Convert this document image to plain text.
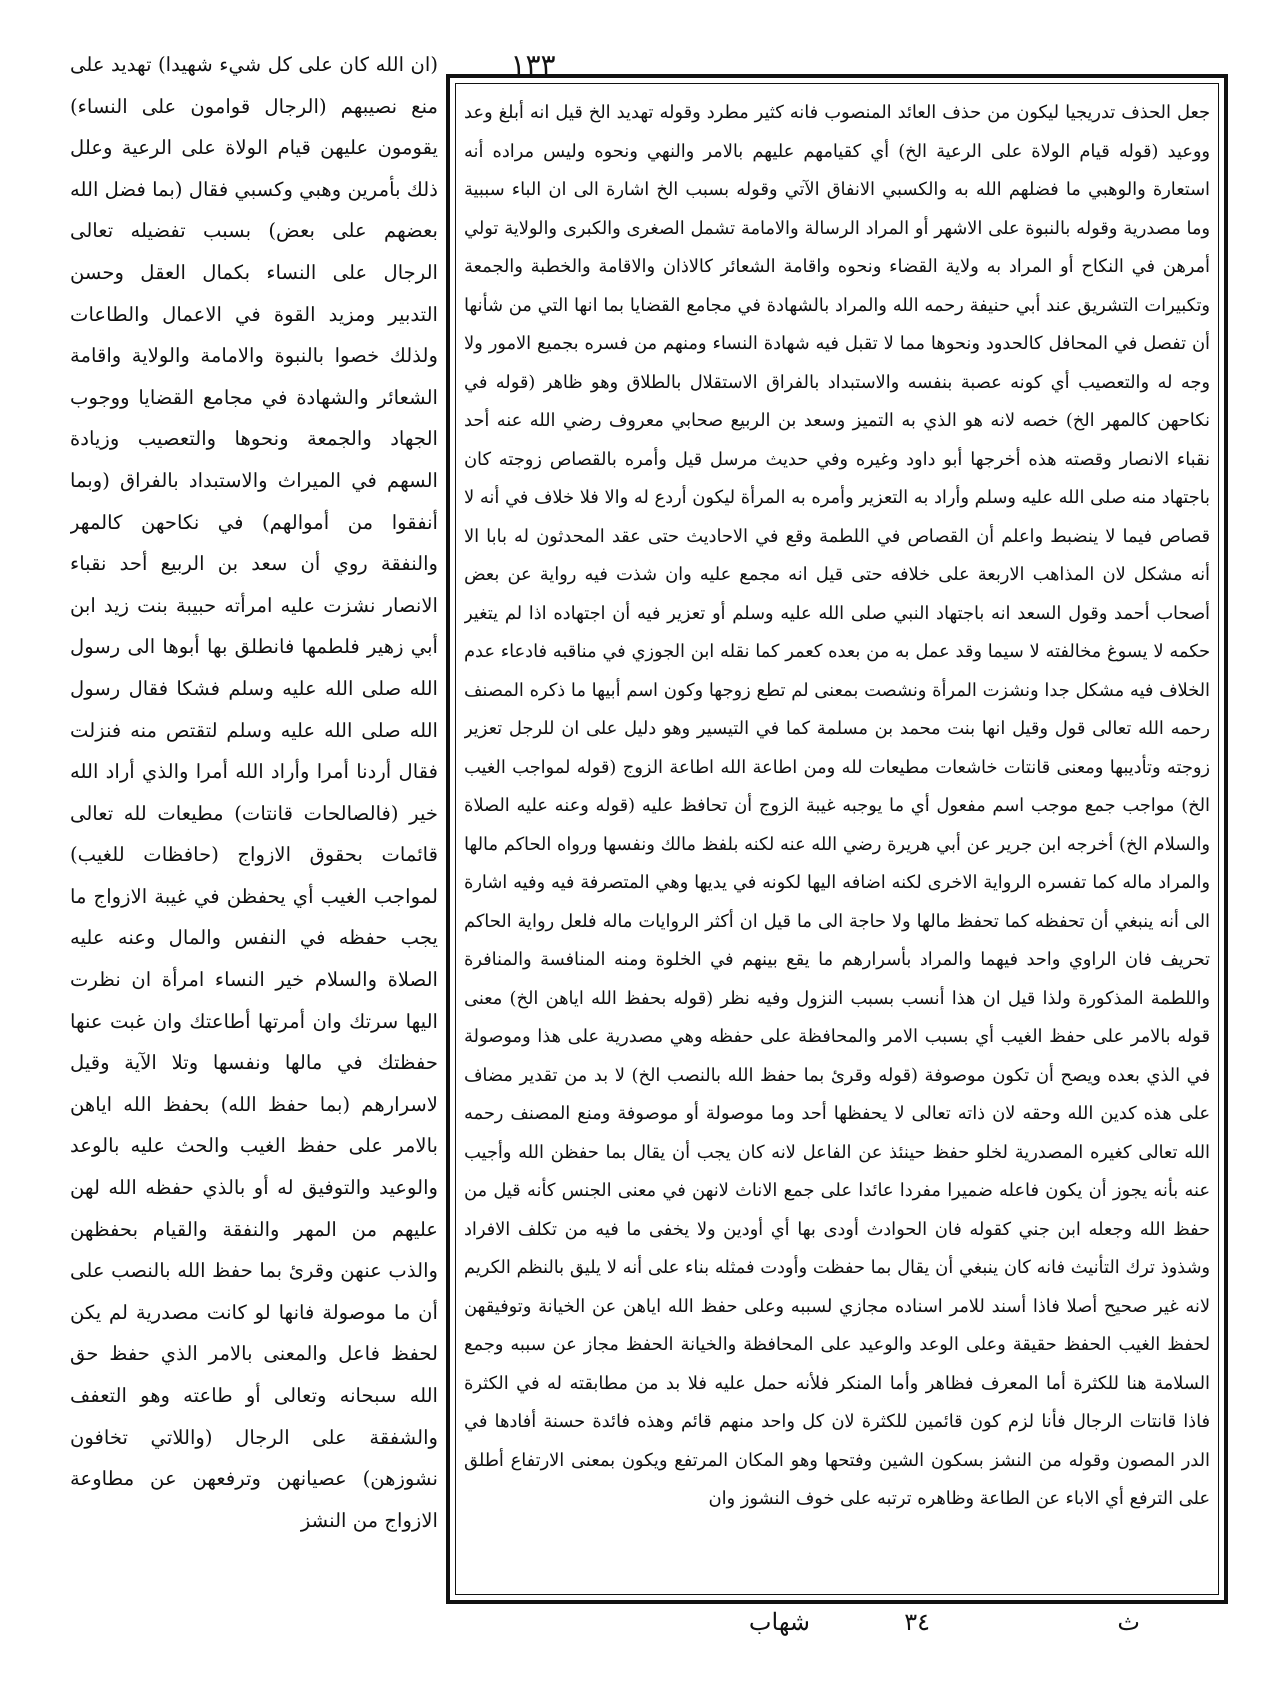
١٣٣

(ان الله كان على كل شيء شهيدا) تهديد على منع نصيبهم (الرجال قوامون على النساء) يقومون عليهن قيام الولاة على الرعية وعلل ذلك بأمرين وهبي وكسبي فقال (بما فضل الله بعضهم على بعض) بسبب تفضيله تعالى الرجال على النساء بكمال العقل وحسن التدبير ومزيد القوة في الاعمال والطاعات ولذلك خصوا بالنبوة والامامة والولاية واقامة الشعائر والشهادة في مجامع القضايا ووجوب الجهاد والجمعة ونحوها والتعصيب وزيادة السهم في الميراث والاستبداد بالفراق (وبما أنفقوا من أموالهم) في نكاحهن كالمهر والنفقة روي أن سعد بن الربيع أحد نقباء الانصار نشزت عليه امرأته حبيبة بنت زيد ابن أبي زهير فلطمها فانطلق بها أبوها الى رسول الله صلى الله عليه وسلم فشكا فقال رسول الله صلى الله عليه وسلم لتقتص منه فنزلت فقال أردنا أمرا وأراد الله أمرا والذي أراد الله خير (فالصالحات قانتات) مطيعات لله تعالى قائمات بحقوق الازواج (حافظات للغيب) لمواجب الغيب أي يحفظن في غيبة الازواج ما يجب حفظه في النفس والمال وعنه عليه الصلاة والسلام خير النساء امرأة ان نظرت اليها سرتك وان أمرتها أطاعتك وان غبت عنها حفظتك في مالها ونفسها وتلا الآية وقيل لاسرارهم (بما حفظ الله) بحفظ الله اياهن بالامر على حفظ الغيب والحث عليه بالوعد والوعيد والتوفيق له أو بالذي حفظه الله لهن عليهم من المهر والنفقة والقيام بحفظهن والذب عنهن وقرئ بما حفظ الله بالنصب على أن ما موصولة فانها لو كانت مصدرية لم يكن لحفظ فاعل والمعنى بالامر الذي حفظ حق الله سبحانه وتعالى أو طاعته وهو التعفف والشفقة على الرجال (واللاتي تخافون نشوزهن) عصيانهن وترفعهن عن مطاوعة الازواج من النشز

جعل الحذف تدريجيا ليكون من حذف العائد المنصوب فانه كثير مطرد وقوله تهديد الخ قيل انه أبلغ وعد ووعيد (قوله قيام الولاة على الرعية الخ) أي كقيامهم عليهم بالامر والنهي ونحوه وليس مراده أنه استعارة والوهبي ما فضلهم الله به والكسبي الانفاق الآتي وقوله بسبب الخ اشارة الى ان الباء سببية وما مصدرية وقوله بالنبوة على الاشهر أو المراد الرسالة والامامة تشمل الصغرى والكبرى والولاية تولي أمرهن في النكاح أو المراد به ولاية القضاء ونحوه واقامة الشعائر كالاذان والاقامة والخطبة والجمعة وتكبيرات التشريق عند أبي حنيفة رحمه الله والمراد بالشهادة في مجامع القضايا بما انها التي من شأنها أن تفصل في المحافل كالحدود ونحوها مما لا تقبل فيه شهادة النساء ومنهم من فسره بجميع الامور ولا وجه له والتعصيب أي كونه عصبة بنفسه والاستبداد بالفراق الاستقلال بالطلاق وهو ظاهر (قوله في نكاحهن كالمهر الخ) خصه لانه هو الذي به التميز وسعد بن الربيع صحابي معروف رضي الله عنه أحد نقباء الانصار وقصته هذه أخرجها أبو داود وغيره وفي حديث مرسل قيل وأمره بالقصاص زوجته كان باجتهاد منه صلى الله عليه وسلم وأراد به التعزير وأمره به المرأة ليكون أردع له والا فلا خلاف في أنه لا قصاص فيما لا ينضبط واعلم أن القصاص في اللطمة وقع في الاحاديث حتى عقد المحدثون له بابا الا أنه مشكل لان المذاهب الاربعة على خلافه حتى قيل انه مجمع عليه وان شذت فيه رواية عن بعض أصحاب أحمد وقول السعد انه باجتهاد النبي صلى الله عليه وسلم أو تعزير فيه أن اجتهاده اذا لم يتغير حكمه لا يسوغ مخالفته لا سيما وقد عمل به من بعده كعمر كما نقله ابن الجوزي في مناقبه فادعاء عدم الخلاف فيه مشكل جدا ونشزت المرأة ونشصت بمعنى لم تطع زوجها وكون اسم أبيها ما ذكره المصنف رحمه الله تعالى قول وقيل انها بنت محمد بن مسلمة كما في التيسير وهو دليل على ان للرجل تعزير زوجته وتأديبها ومعنى قانتات خاشعات مطيعات لله ومن اطاعة الله اطاعة الزوج (قوله لمواجب الغيب الخ) مواجب جمع موجب اسم مفعول أي ما يوجبه غيبة الزوج أن تحافظ عليه (قوله وعنه عليه الصلاة والسلام الخ) أخرجه ابن جرير عن أبي هريرة رضي الله عنه لكنه بلفظ مالك ونفسها ورواه الحاكم مالها والمراد ماله كما تفسره الرواية الاخرى لكنه اضافه اليها لكونه في يديها وهي المتصرفة فيه وفيه اشارة الى أنه ينبغي أن تحفظه كما تحفظ مالها ولا حاجة الى ما قيل ان أكثر الروايات ماله فلعل رواية الحاكم تحريف فان الراوي واحد فيهما والمراد بأسرارهم ما يقع بينهم في الخلوة ومنه المنافسة والمنافرة واللطمة المذكورة ولذا قيل ان هذا أنسب بسبب النزول وفيه نظر (قوله بحفظ الله اياهن الخ) معنى قوله بالامر على حفظ الغيب أي بسبب الامر والمحافظة على حفظه وهي مصدرية على هذا وموصولة في الذي بعده ويصح أن تكون موصوفة (قوله وقرئ بما حفظ الله بالنصب الخ) لا بد من تقدير مضاف على هذه كدين الله وحقه لان ذاته تعالى لا يحفظها أحد وما موصولة أو موصوفة ومنع المصنف رحمه الله تعالى كغيره المصدرية لخلو حفظ حينئذ عن الفاعل لانه كان يجب أن يقال بما حفظن الله وأجيب عنه بأنه يجوز أن يكون فاعله ضميرا مفردا عائدا على جمع الاناث لانهن في معنى الجنس كأنه قيل من حفظ الله وجعله ابن جني كقوله فان الحوادث أودى بها أي أودين ولا يخفى ما فيه من تكلف الافراد وشذوذ ترك التأنيث فانه كان ينبغي أن يقال بما حفظت وأودت فمثله بناء على أنه لا يليق بالنظم الكريم لانه غير صحيح أصلا فاذا أسند للامر اسناده مجازي لسببه وعلى حفظ الله اياهن عن الخيانة وتوفيقهن لحفظ الغيب الحفظ حقيقة وعلى الوعد والوعيد على المحافظة والخيانة الحفظ مجاز عن سببه وجمع السلامة هنا للكثرة أما المعرف فظاهر وأما المنكر فلأنه حمل عليه فلا بد من مطابقته له في الكثرة فاذا قانتات الرجال فأنا لزم كون قائمين للكثرة لان كل واحد منهم قائم وهذه فائدة حسنة أفادها في الدر المصون وقوله من النشز بسكون الشين وفتحها وهو المكان المرتفع ويكون بمعنى الارتفاع أطلق على الترفع أي الاباء عن الطاعة وظاهره ترتبه على خوف النشوز وان

ث
شهاب	٣٤
